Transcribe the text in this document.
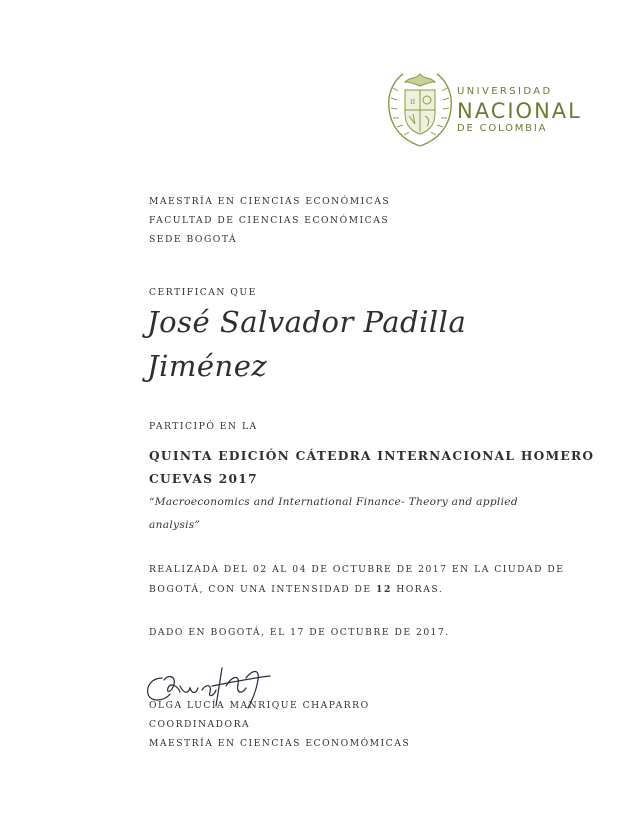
π
UNIVERSIDAD
NACIONAL
DE COLOMBIA
MAESTRÍA EN CIENCIAS ECONÓMICAS
FACULTAD DE CIENCIAS ECONÓMICAS
SEDE BOGOTÁ
CERTIFICAN QUE
José Salvador Padilla
Jiménez
PARTICIPÓ EN LA
QUINTA EDICIÓN CÁTEDRA INTERNACIONAL HOMERO
CUEVAS 2017
“Macroeconomics and International Finance- Theory and applied
analysis”
REALIZADA DEL 02 AL 04 DE OCTUBRE DE 2017 EN LA CIUDAD DE
BOGOTÁ, CON UNA INTENSIDAD DE 12 HORAS.
DADO EN BOGOTÁ, EL 17 DE OCTUBRE DE 2017.
OLGA LUCÍA MANRIQUE CHAPARRO
COORDINADORA
MAESTRÍA EN CIENCIAS ECONOMÓMICAS
